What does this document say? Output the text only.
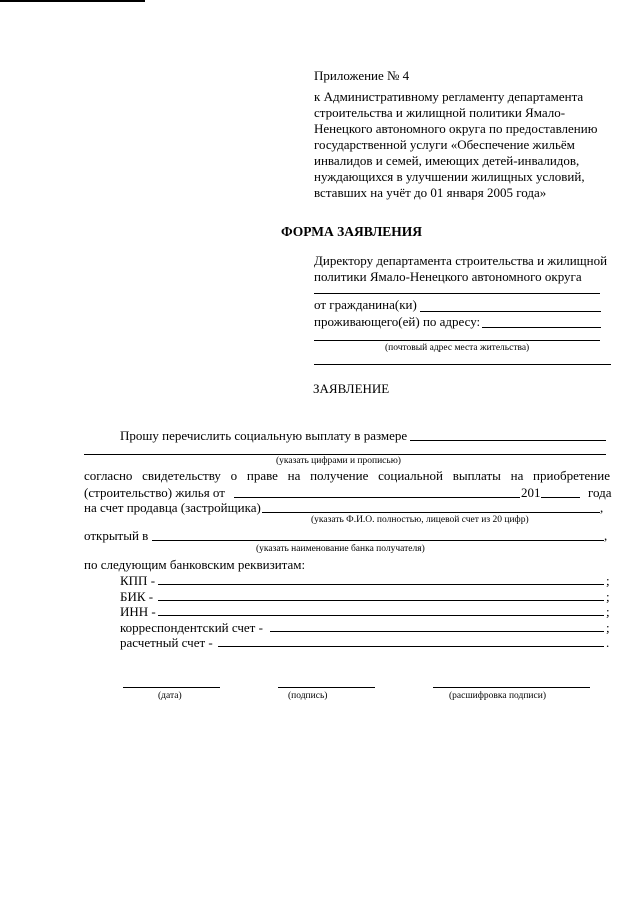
Приложение № 4
к Административному регламенту департамента
строительства и жилищной политики Ямало-
Ненецкого автономного округа по предоставлению
государственной услуги «Обеспечение жильём
инвалидов и семей, имеющих детей-инвалидов,
нуждающихся в улучшении жилищных условий,
вставших на учёт до 01 января 2005 года»
ФОРМА ЗАЯВЛЕНИЯ
Директору департамента строительства и жилищной
политики Ямало-Ненецкого автономного округа
от гражданина(ки)
проживающего(ей) по адресу:
(почтовый адрес места жительства)
ЗАЯВЛЕНИЕ
Прошу перечислить социальную выплату в размере
(указать цифрами и прописью)
согласно свидетельству о праве на получение социальной выплаты на приобретение
(строительство) жилья от	201	года
на счет продавца (застройщика)	,
(указать Ф.И.О. полностью, лицевой счет из 20 цифр)
открытый в	,
(указать наименование банка получателя)
по следующим банковским реквизитам:
КПП -	;
БИК -	;
ИНН -	;
корреспондентский счет -	;
расчетный счет -	.
(дата)	(подпись)	(расшифровка подписи)
